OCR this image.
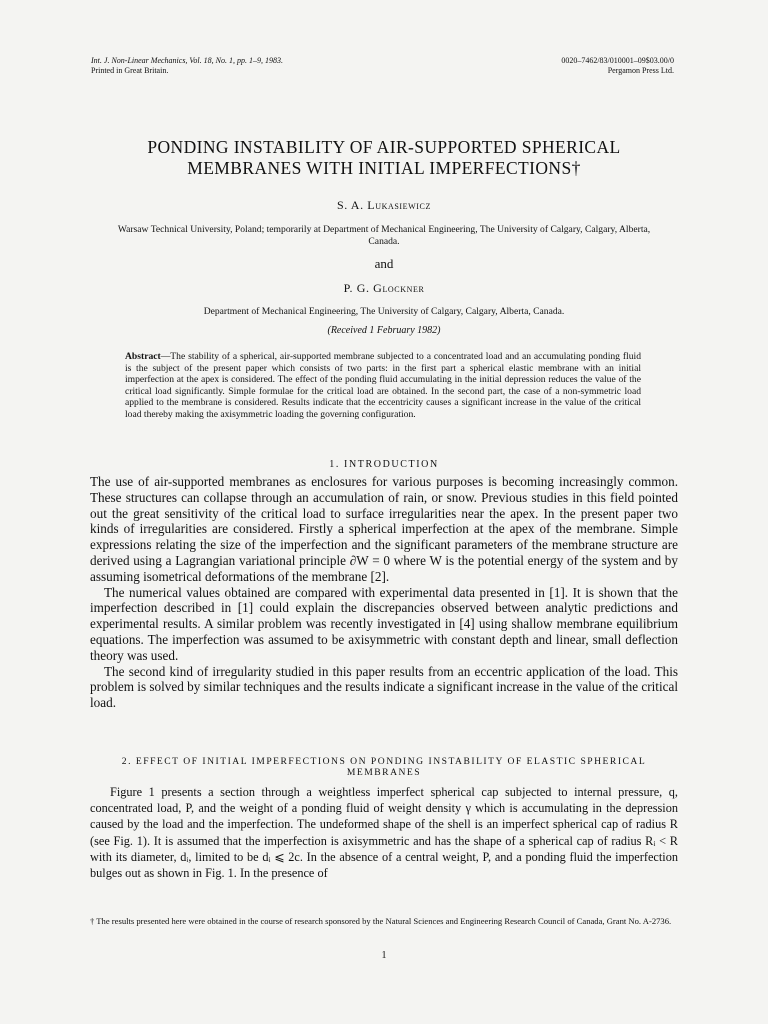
Int. J. Non-Linear Mechanics, Vol. 18, No. 1, pp. 1–9, 1983.
Printed in Great Britain.
0020–7462/83/010001–09$03.00/0
Pergamon Press Ltd.
PONDING INSTABILITY OF AIR-SUPPORTED SPHERICAL MEMBRANES WITH INITIAL IMPERFECTIONS†
S. A. Lukasiewicz
Warsaw Technical University, Poland; temporarily at Department of Mechanical Engineering, The University of Calgary, Calgary, Alberta, Canada.
and
P. G. Glockner
Department of Mechanical Engineering, The University of Calgary, Calgary, Alberta, Canada.
(Received 1 February 1982)
Abstract—The stability of a spherical, air-supported membrane subjected to a concentrated load and an accumulating ponding fluid is the subject of the present paper which consists of two parts: in the first part a spherical elastic membrane with an initial imperfection at the apex is considered. The effect of the ponding fluid accumulating in the initial depression reduces the value of the critical load significantly. Simple formulae for the critical load are obtained. In the second part, the case of a non-symmetric load applied to the membrane is considered. Results indicate that the eccentricity causes a significant increase in the value of the critical load thereby making the axisymmetric loading the governing configuration.
1. INTRODUCTION

The use of air-supported membranes as enclosures for various purposes is becoming increasingly common. These structures can collapse through an accumulation of rain, or snow. Previous studies in this field pointed out the great sensitivity of the critical load to surface irregularities near the apex. In the present paper two kinds of irregularities are considered. Firstly a spherical imperfection at the apex of the membrane. Simple expressions relating the size of the imperfection and the significant parameters of the membrane structure are derived using a Lagrangian variational principle ∂W = 0 where W is the potential energy of the system and by assuming isometrical deformations of the membrane [2].

The numerical values obtained are compared with experimental data presented in [1]. It is shown that the imperfection described in [1] could explain the discrepancies observed between analytic predictions and experimental results. A similar problem was recently investigated in [4] using shallow membrane equilibrium equations. The imperfection was assumed to be axisymmetric with constant depth and linear, small deflection theory was used.

The second kind of irregularity studied in this paper results from an eccentric application of the load. This problem is solved by similar techniques and the results indicate a significant increase in the value of the critical load.

2. EFFECT OF INITIAL IMPERFECTIONS ON PONDING INSTABILITY OF ELASTIC SPHERICAL MEMBRANES

Figure 1 presents a section through a weightless imperfect spherical cap subjected to internal pressure, q, concentrated load, P, and the weight of a ponding fluid of weight density γ which is accumulating in the depression caused by the load and the imperfection. The undeformed shape of the shell is an imperfect spherical cap of radius R (see Fig. 1). It is assumed that the imperfection is axisymmetric and has the shape of a spherical cap of radius Rᵢ < R with its diameter, dᵢ, limited to be dᵢ ⩽ 2c. In the absence of a central weight, P, and a ponding fluid the imperfection bulges out as shown in Fig. 1. In the presence of

† The results presented here were obtained in the course of research sponsored by the Natural Sciences and Engineering Research Council of Canada, Grant No. A-2736.
1
